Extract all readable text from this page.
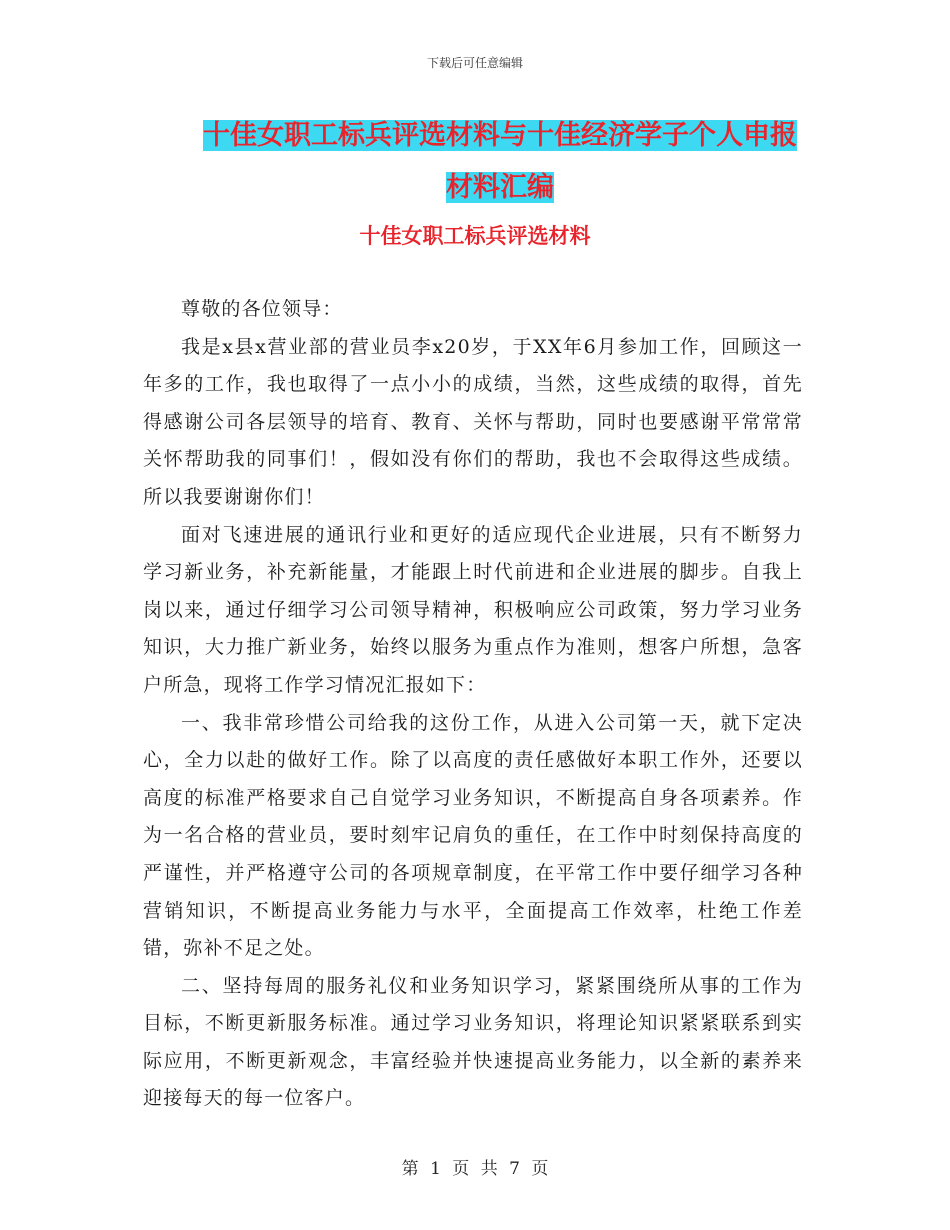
下载后可任意编辑
十佳女职工标兵评选材料与十佳经济学子个人申报材料汇编
十佳女职工标兵评选材料

尊敬的各位领导：

我是x县x营业部的营业员李x20岁，于XX年6月参加工作，回顾这一年多的工作，我也取得了一点小小的成绩，当然，这些成绩的取得，首先得感谢公司各层领导的培育、教育、关怀与帮助，同时也要感谢平常常常关怀帮助我的同事们！，假如没有你们的帮助，我也不会取得这些成绩。所以我要谢谢你们！

面对飞速进展的通讯行业和更好的适应现代企业进展，只有不断努力学习新业务，补充新能量，才能跟上时代前进和企业进展的脚步。自我上岗以来，通过仔细学习公司领导精神，积极响应公司政策，努力学习业务知识，大力推广新业务，始终以服务为重点作为准则，想客户所想，急客户所急，现将工作学习情况汇报如下：

一、我非常珍惜公司给我的这份工作，从进入公司第一天，就下定决心，全力以赴的做好工作。除了以高度的责任感做好本职工作外，还要以高度的标准严格要求自己自觉学习业务知识，不断提高自身各项素养。作为一名合格的营业员，要时刻牢记肩负的重任，在工作中时刻保持高度的严谨性，并严格遵守公司的各项规章制度，在平常工作中要仔细学习各种营销知识，不断提高业务能力与水平，全面提高工作效率，杜绝工作差错，弥补不足之处。

二、坚持每周的服务礼仪和业务知识学习，紧紧围绕所从事的工作为目标，不断更新服务标准。通过学习业务知识，将理论知识紧紧联系到实际应用，不断更新观念，丰富经验并快速提高业务能力，以全新的素养来迎接每天的每一位客户。

第 1 页 共 7 页
